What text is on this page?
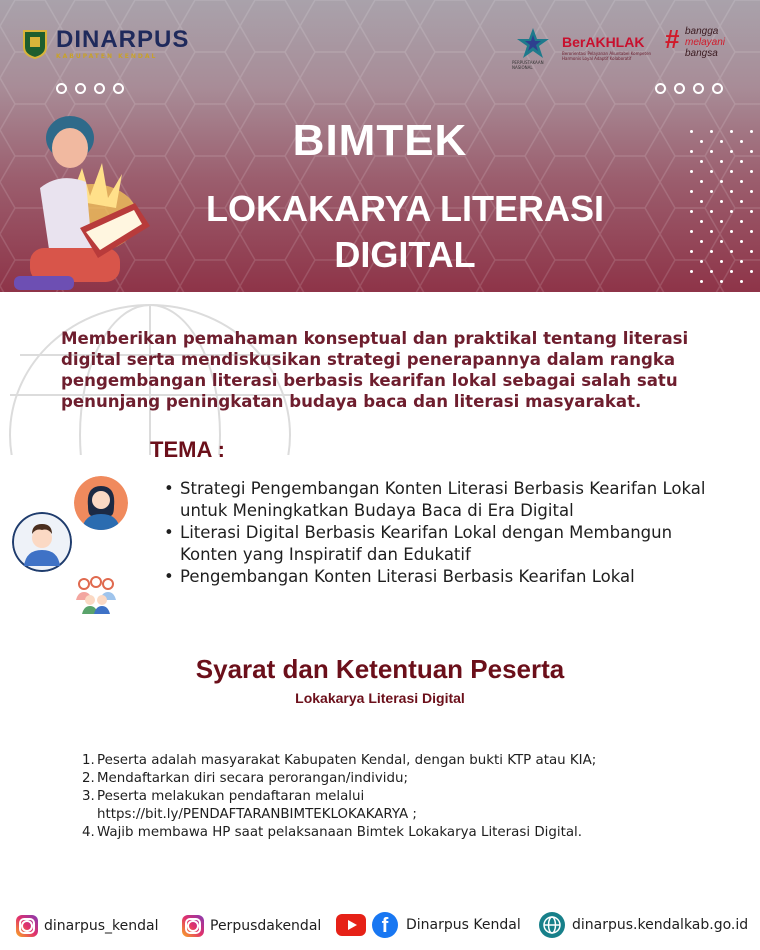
DINARPUS
KABUPATEN KENDAL
PERPUSTAKAAN NASIONAL
BerAKHLAK
Berorientasi Pelayanan Akuntabel Kompeten Harmonis Loyal Adaptif Kolaboratif
# bangga
melayani
bangsa
BIMTEK
LOKAKARYA LITERASI DIGITAL

Memberikan pemahaman konseptual dan praktikal tentang literasi digital serta mendiskusikan strategi penerapannya dalam rangka pengembangan literasi berbasis kearifan lokal sebagai salah satu penunjang peningkatan budaya baca dan literasi masyarakat.

TEMA :
• Strategi Pengembangan Konten Literasi Berbasis Kearifan Lokal untuk Meningkatkan Budaya Baca di Era Digital
• Literasi Digital Berbasis Kearifan Lokal dengan Membangun Konten yang Inspiratif dan Edukatif
• Pengembangan Konten Literasi Berbasis Kearifan Lokal
Syarat dan Ketentuan Peserta
Lokakarya Literasi Digital
1. Peserta adalah masyarakat Kabupaten Kendal, dengan bukti KTP atau KIA;
2. Mendaftarkan diri secara perorangan/individu;
3. Peserta melakukan pendaftaran melalui
https://bit.ly/PENDAFTARANBIMTEKLOKAKARYA ;
4. Wajib membawa HP saat pelaksanaan Bimtek Lokakarya Literasi Digital.
dinarpus_kendal	Perpusdakendal	f	Dinarpus Kendal	dinarpus.kendalkab.go.id
